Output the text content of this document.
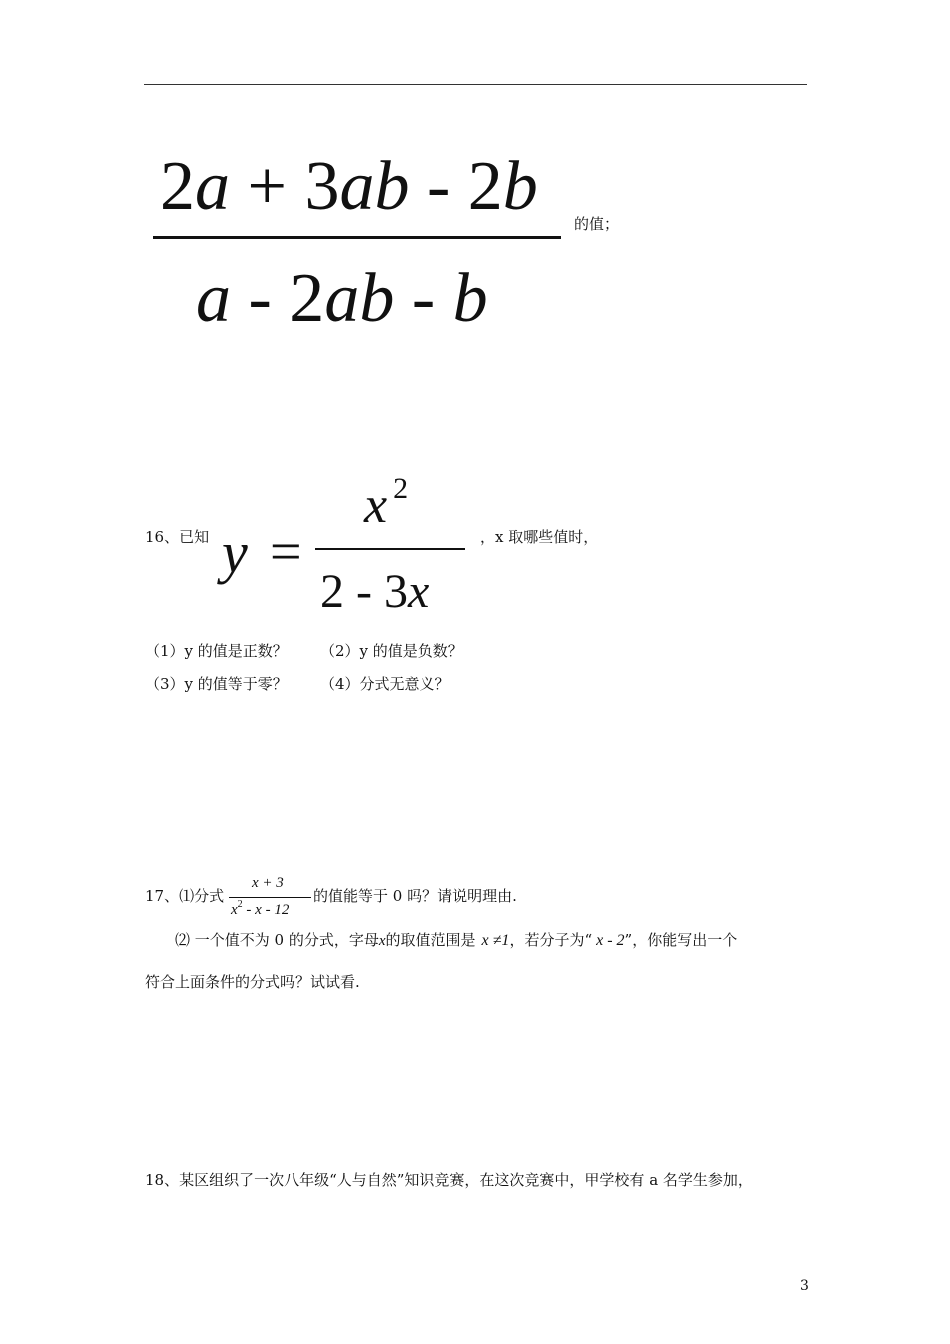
2a + 3ab - 2b
a - 2ab - b
的值；
16、已知 y =
x 2
2 - 3x
，x 取哪些值时，
（1）y 的值是正数？ （2）y 的值是负数？
（3）y 的值等于零？ （4）分式无意义？
17、⑴分式
x + 3
$x^2$ - x - 12
的值能等于 0 吗？请说明理由.
⑵ 一个值不为 0 的分式，字母x的取值范围是 x ≠1，若分子为“ x - 2”，你能写出一个
符合上面条件的分式吗？试试看.
18、某区组织了一次八年级“人与自然”知识竞赛，在这次竞赛中，甲学校有 a 名学生参加，
3
